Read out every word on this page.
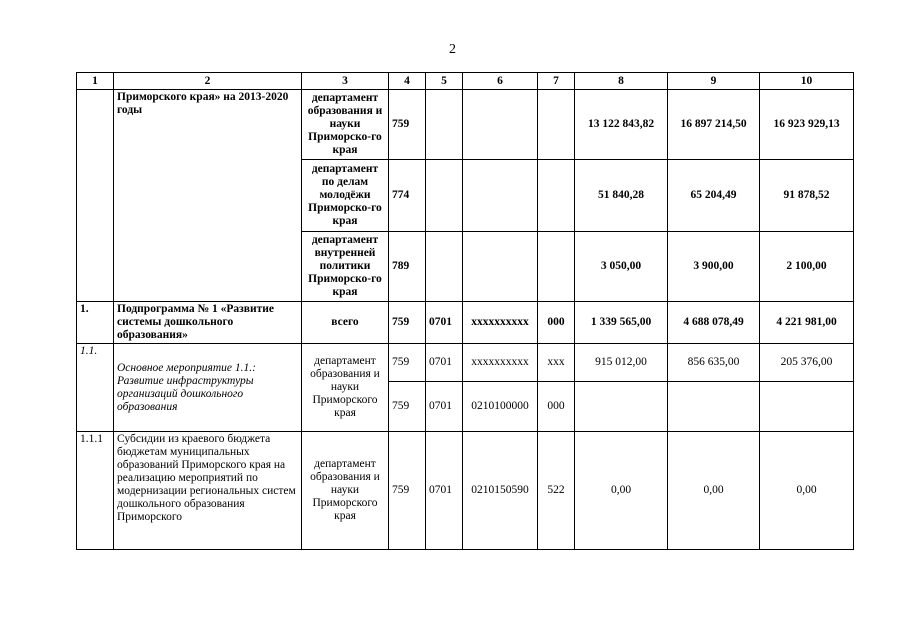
2
1	2	3	4	5	6	7	8	9	10
	Приморского края» на 2013-2020 годы	департамент образования и науки Приморско-го края	759				13 122 843,82	16 897 214,50	16 923 929,13
		департамент по делам молодёжи Приморско-го края	774				51 840,28	65 204,49	91 878,52
		департамент внутренней политики Приморско-го края	789				3 050,00	3 900,00	2 100,00
1.	Подпрограмма № 1 «Развитие системы дошкольного образования»	всего	759	0701	хххххххххх	000	1 339 565,00	4 688 078,49	4 221 981,00
1.1.	Основное мероприятие 1.1.: Развитие инфраструктуры организаций дошкольного образования	департамент образования и науки Приморского края	759	0701	хххххххххх	ххх	915 012,00	856 635,00	205 376,00
			759	0701	0210100000	000			
1.1.1	Субсидии из краевого бюджета бюджетам муниципальных образований Приморского края на реализацию мероприятий по модернизации региональных систем дошкольного образования Приморского	департамент образования и науки Приморского края	759	0701	0210150590	522	0,00	0,00	0,00
